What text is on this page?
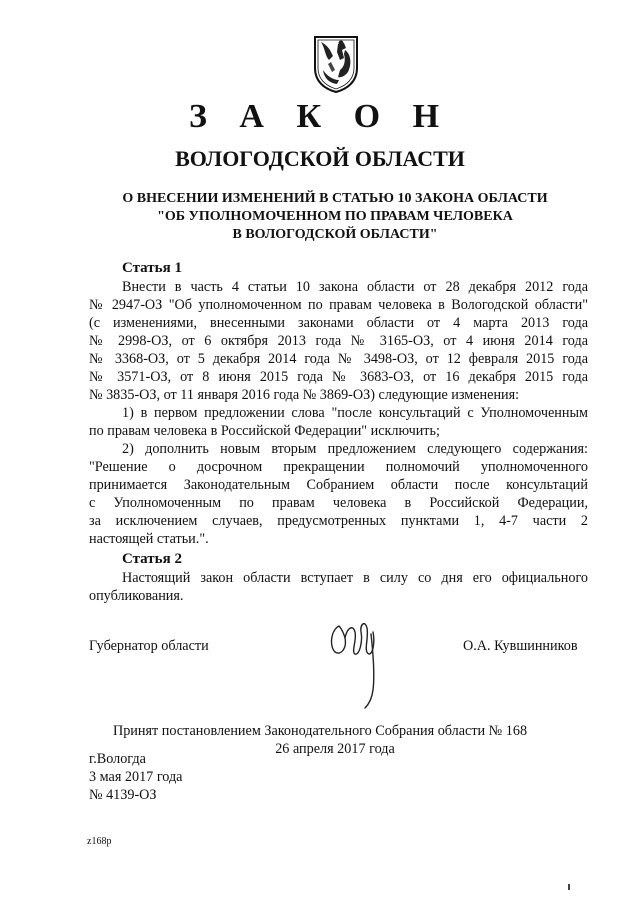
З А К О Н
ВОЛОГОДСКОЙ ОБЛАСТИ
О ВНЕСЕНИИ ИЗМЕНЕНИЙ В СТАТЬЮ 10 ЗАКОНА ОБЛАСТИ
"ОБ УПОЛНОМОЧЕННОМ ПО ПРАВАМ ЧЕЛОВЕКА
В ВОЛОГОДСКОЙ ОБЛАСТИ"
Статья 1
Внести в часть 4 статьи 10 закона области от 28 декабря 2012 года
№ 2947-ОЗ "Об уполномоченном по правам человека в Вологодской области"
(с изменениями, внесенными законами области от 4 марта 2013 года
№ 2998-ОЗ, от 6 октября 2013 года № 3165-ОЗ, от 4 июня 2014 года
№ 3368-ОЗ, от 5 декабря 2014 года № 3498-ОЗ, от 12 февраля 2015 года
№ 3571-ОЗ, от 8 июня 2015 года № 3683-ОЗ, от 16 декабря 2015 года
№ 3835-ОЗ, от 11 января 2016 года № 3869-ОЗ) следующие изменения:
1) в первом предложении слова "после консультаций с Уполномоченным
по правам человека в Российской Федерации" исключить;
2) дополнить новым вторым предложением следующего содержания:
"Решение о досрочном прекращении полномочий уполномоченного
принимается Законодательным Собранием области после консультаций
с Уполномоченным по правам человека в Российской Федерации,
за исключением случаев, предусмотренных пунктами 1, 4-7 части 2
настоящей статьи.".
Статья 2
Настоящий закон области вступает в силу со дня его официального
опубликования.
Губернатор области	О.А. Кувшинников
Принят постановлением Законодательного Собрания области № 168
26 апреля 2017 года
г.Вологда
3 мая 2017 года
№ 4139-ОЗ
z168p
